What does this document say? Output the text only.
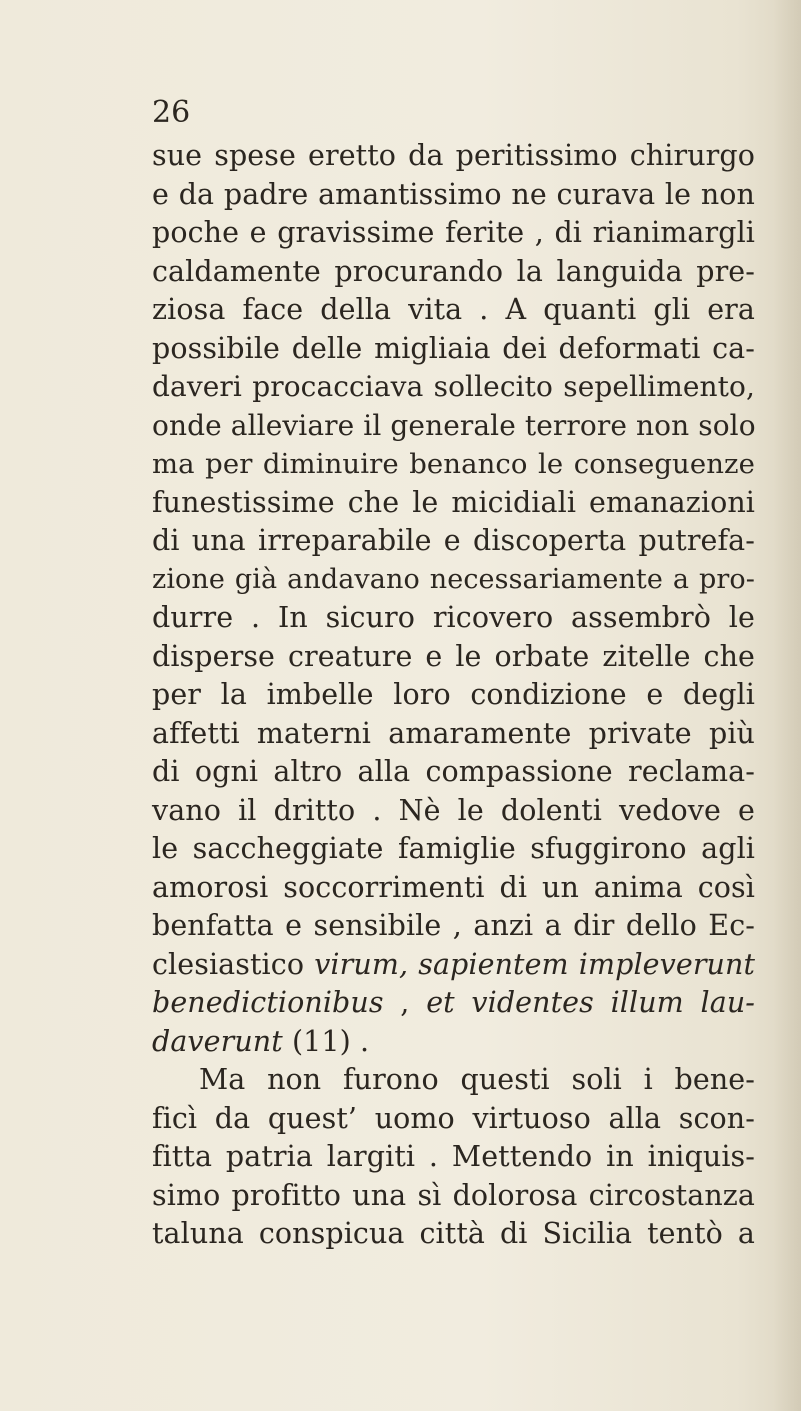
26

sue spese eretto da peritissimo chirurgo
e da padre amantissimo ne curava le non
poche e gravissime ferite , di rianimargli
caldamente procurando la languida pre-
ziosa face della vita . A quanti gli era
possibile delle migliaia dei deformati ca-
daveri procacciava sollecito sepellimento,
onde alleviare il generale terrore non solo
ma per diminuire benanco le conseguenze
funestissime che le micidiali emanazioni
di una irreparabile e discoperta putrefa-
zione già andavano necessariamente a pro-
durre . In sicuro ricovero assembrò le
disperse creature e le orbate zitelle che
per la imbelle loro condizione e degli
affetti materni amaramente private più
di ogni altro alla compassione reclama-
vano il dritto . Nè le dolenti vedove e
le saccheggiate famiglie sfuggirono agli
amorosi soccorrimenti di un anima così
benfatta e sensibile , anzi a dir dello Ec-
clesiastico virum, sapientem impleverunt
benedictionibus , et videntes illum lau-
daverunt (11) .
Ma non furono questi soli i bene-
ficì da quest’ uomo virtuoso alla scon-
fitta patria largiti . Mettendo in iniquis-
simo profitto una sì dolorosa circostanza
taluna conspicua città di Sicilia tentò a
